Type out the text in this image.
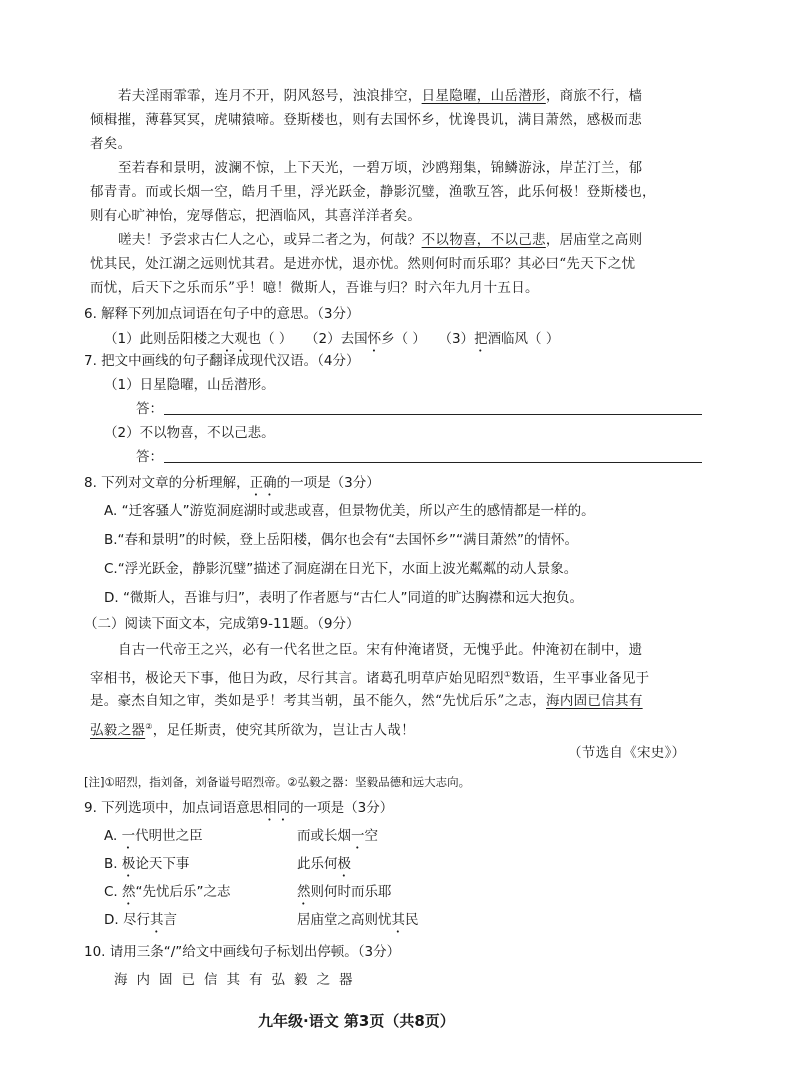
若夫淫雨霏霏，连月不开，阴风怒号，浊浪排空，日星隐曜，山岳潜形，商旅不行，樯
倾楫摧，薄暮冥冥，虎啸猿啼。登斯楼也，则有去国怀乡，忧谗畏讥，满目萧然，感极而悲
者矣。
至若春和景明，波澜不惊，上下天光，一碧万顷，沙鸥翔集，锦鳞游泳，岸芷汀兰，郁
郁青青。而或长烟一空，皓月千里，浮光跃金，静影沉璧，渔歌互答，此乐何极！登斯楼也，
则有心旷神怡，宠辱偕忘，把酒临风，其喜洋洋者矣。
嗟夫！予尝求古仁人之心，或异二者之为，何哉？不以物喜，不以己悲，居庙堂之高则
忧其民，处江湖之远则忧其君。是进亦忧，退亦忧。然则何时而乐耶？其必曰“先天下之忧
而忧，后天下之乐而乐”乎！噫！微斯人，吾谁与归？时六年九月十五日。
6. 解释下列加点词语在句子中的意思。（3分）
（1）此则岳阳楼之大观也（ ） （2）去国怀乡（ ） （3）把酒临风（ ）
7. 把文中画线的句子翻译成现代汉语。（4分）
（1）日星隐曜，山岳潜形。
答：
（2）不以物喜，不以己悲。
答：
8. 下列对文章的分析理解，正确的一项是（3分）
A. “迁客骚人”游览洞庭湖时或悲或喜，但景物优美，所以产生的感情都是一样的。
B.“春和景明”的时候，登上岳阳楼，偶尔也会有“去国怀乡”“满目萧然”的情怀。
C.“浮光跃金，静影沉璧”描述了洞庭湖在日光下，水面上波光粼粼的动人景象。
D. “微斯人，吾谁与归”，表明了作者愿与“古仁人”同道的旷达胸襟和远大抱负。
（二）阅读下面文本，完成第9-11题。（9分）
自古一代帝王之兴，必有一代名世之臣。宋有仲淹诸贤，无愧乎此。仲淹初在制中，遗
宰相书，极论天下事，他日为政，尽行其言。诸葛孔明草庐始见昭烈①数语，生平事业备见于
是。豪杰自知之审，类如是乎！考其当朝，虽不能久，然“先忧后乐”之志，海内固已信其有
弘毅之器②，足任斯责，使究其所欲为，岂让古人哉！
（节选自《宋史》）
[注]①昭烈，指刘备，刘备谥号昭烈帝。②弘毅之器：坚毅品德和远大志向。
9. 下列选项中，加点词语意思相同的一项是（3分）
A. 一代明世之臣	而或长烟一空
B. 极论天下事	此乐何极
C. 然“先忧后乐”之志	然则何时而乐耶
D. 尽行其言	居庙堂之高则忧其民
10. 请用三条“/”给文中画线句子标划出停顿。（3分）
海内固已信其有弘毅之器
九年级·语文 第3页（共8页）
